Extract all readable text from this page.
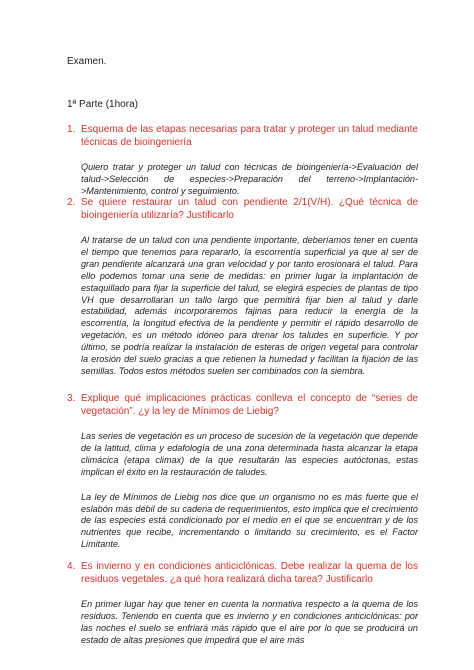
Examen.
1ª Parte (1hora)
1. Esquema de las etapas necesarias para tratar y proteger un talud mediante técnicas de bioingeniería

Quiero tratar y proteger un talud con técnicas de bioingeniería->Evaluación del talud->Selección de especies->Preparación del terreno->Implantación->Mantenimiento, control y seguimiento.

2. Se quiere restaurar un talud con pendiente 2/1(V/H). ¿Qué técnica de bioingeniería utilizaría? Justificarlo

Al tratarse de un talud con una pendiente importante, deberíamos tener en cuenta el tiempo que tenemos para repararlo, la escorrentía superficial ya que al ser de gran pendiente alcanzará una gran velocidad y por tanto erosionará el talud. Para ello podemos tomar una serie de medidas: en primer lugar la implantación de estaquillado para fijar la superficie del talud, se elegirá especies de plantas de tipo VH que desarrollaran un tallo largo que permitirá fijar bien al talud y darle estabilidad, además incorporaremos fajinas para reducir la energía de la escorrentía, la longitud efectiva de la pendiente y permitir el rápido desarrollo de vegetación, es un método idóneo para drenar los taludes en superficie. Y por último, se podría realizar la instalación de esteras de origen vegetal para controlar la erosión del suelo gracias a que retienen la humedad y facilitan la fijación de las semillas. Todos estos métodos suelen ser combinados con la siembra.

3. Explique qué implicaciones prácticas conlleva el concepto de “series de vegetación”. ¿y la ley de Mínimos de Liebig?

Las series de vegetación es un proceso de sucesión de la vegetación que depende de la latitud, clima y edafología de una zona determinada hasta alcanzar la etapa climácica (etapa climax) de la que resultarán las especies autóctonas, estas implican el éxito en la restauración de taludes.

La ley de Mínimos de Liebig nos dice que un organismo no es más fuerte que el eslabón más débil de su cadena de requerimientos, esto implica que el crecimiento de las especies está condicionado por el medio en el que se encuentran y de los nutrientes que recibe, incrementando o limitando su crecimiento, es el Factor Limitante.

4. Es invierno y en condiciones anticiclónicas. Debe realizar la quema de los residuos vegetales. ¿a qué hora realizará dicha tarea? Justificarlo

En primer lugar hay que tener en cuenta la normativa respecto a la quema de los residuos. Teniendo en cuenta que es invierno y en condiciones anticiclónicas: por las noches el suelo se enfriará más rápido que el aire por lo que se producirá un estado de altas presiones que impedirá que el aire más
